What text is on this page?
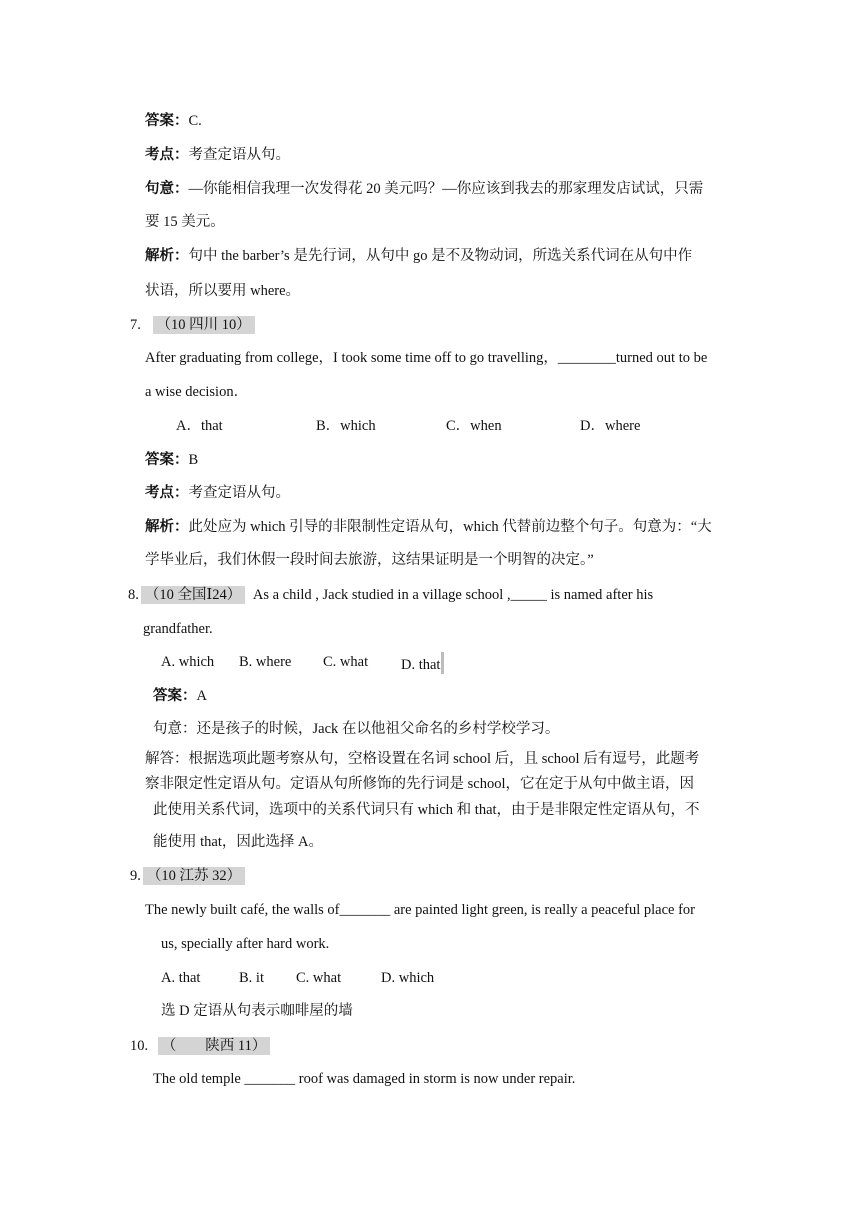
答案：C.
考点：考查定语从句。
句意：—你能相信我理一次发得花 20 美元吗？—你应该到我去的那家理发店试试，只需
要 15 美元。
解析：句中 the barber’s 是先行词，从句中 go 是不及物动词，所选关系代词在从句中作
状语，所以要用 where。
7. （10 四川 10）
After graduating from college，I took some time off to go travelling，________turned out to be
a wise decision．
A．that	B．which	C．when	D．where
答案：B
考点：考查定语从句。
解析：此处应为 which 引导的非限制性定语从句，which 代替前边整个句子。句意为：“大
学毕业后，我们休假一段时间去旅游，这结果证明是一个明智的决定。”
8. （10 全国Ⅰ24） As a child , Jack studied in a village school ,_____ is named after his
grandfather.
A. which B. where C. what D. that
答案：A
句意：还是孩子的时候，Jack 在以他祖父命名的乡村学校学习。
解答：根据选项此题考察从句，空格设置在名词 school 后，且 school 后有逗号，此题考
察非限定性定语从句。定语从句所修饰的先行词是 school，它在定于从句中做主语，因
此使用关系代词，选项中的关系代词只有 which 和 that，由于是非限定性定语从句，不
能使用 that，因此选择 A。
9. （10 江苏 32）
The newly built café, the walls of_______ are painted light green, is really a peaceful place for
us, specially after hard work.
A. that	B. it C. what	D. which
选 D 定语从句表示咖啡屋的墙
10. （        陕西 11）
The old temple _______ roof was damaged in storm is now under repair.
